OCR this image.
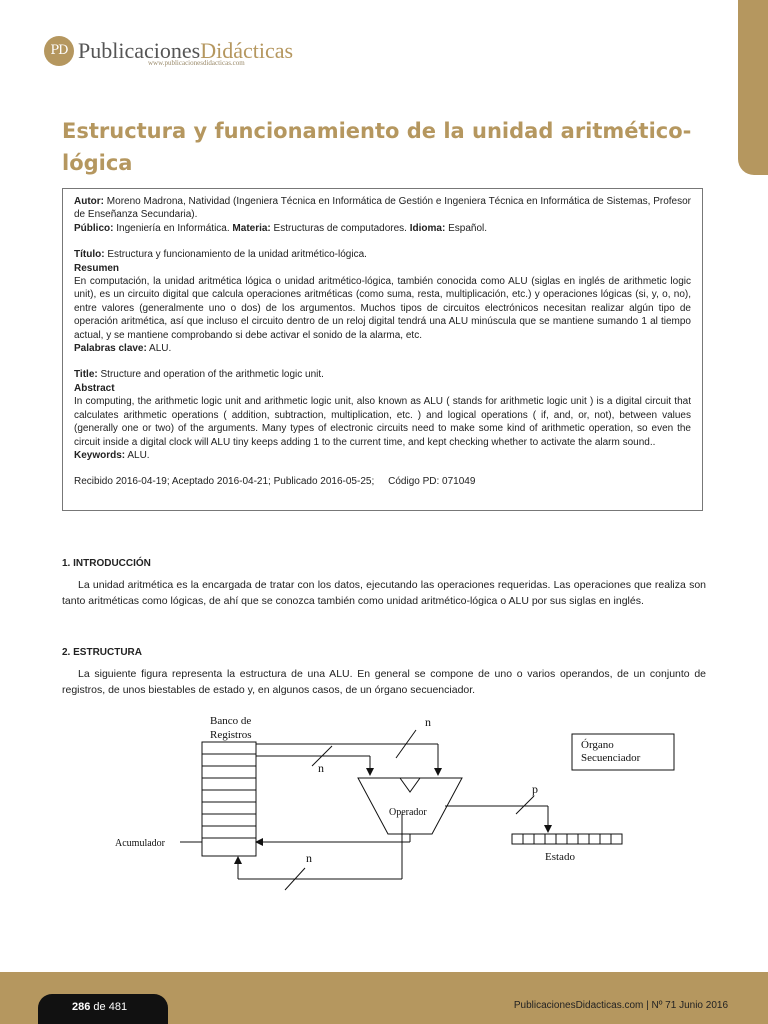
PD PublicacionesDidácticas
www.publicacionesdidacticas.com
Estructura y funcionamiento de la unidad aritmético-lógica

Autor: Moreno Madrona, Natividad (Ingeniera Técnica en Informática de Gestión e Ingeniera Técnica en Informática de Sistemas, Profesor de Enseñanza Secundaria).

Público: Ingeniería en Informática. Materia: Estructuras de computadores. Idioma: Español.

Título: Estructura y funcionamiento de la unidad aritmético-lógica.

Resumen

En computación, la unidad aritmética lógica o unidad aritmético-lógica, también conocida como ALU (siglas en inglés de arithmetic logic unit), es un circuito digital que calcula operaciones aritméticas (como suma, resta, multiplicación, etc.) y operaciones lógicas (si, y, o, no), entre valores (generalmente uno o dos) de los argumentos. Muchos tipos de circuitos electrónicos necesitan realizar algún tipo de operación aritmética, así que incluso el circuito dentro de un reloj digital tendrá una ALU minúscula que se mantiene sumando 1 al tiempo actual, y se mantiene comprobando si debe activar el sonido de la alarma, etc.

Palabras clave: ALU.

Title: Structure and operation of the arithmetic logic unit.

Abstract

In computing, the arithmetic logic unit and arithmetic logic unit, also known as ALU ( stands for arithmetic logic unit ) is a digital circuit that calculates arithmetic operations ( addition, subtraction, multiplication, etc. ) and logical operations ( if, and, or, not), between values (generally one or two) of the arguments. Many types of electronic circuits need to make some kind of arithmetic operation, so even the circuit inside a digital clock will ALU tiny keeps adding 1 to the current time, and kept checking whether to activate the alarm sound..

Keywords: ALU.

Recibido 2016-04-19; Aceptado 2016-04-21; Publicado 2016-05-25; Código PD: 071049

1. INTRODUCCIÓN

La unidad aritmética es la encargada de tratar con los datos, ejecutando las operaciones requeridas. Las operaciones que realiza son tanto aritméticas como lógicas, de ahí que se conozca también como unidad aritmético-lógica o ALU por sus siglas en inglés.

2. ESTRUCTURA

La siguiente figura representa la estructura de una ALU. En general se compone de uno o varios operandos, de un conjunto de registros, de unos biestables de estado y, en algunos casos, de un órgano secuenciador.

Banco de
Registros
n
n
Operador
Acumulador
n
p
Estado
Órgano
Secuenciador
286 de 481	PublicacionesDidacticas.com | Nº 71 Junio 2016
